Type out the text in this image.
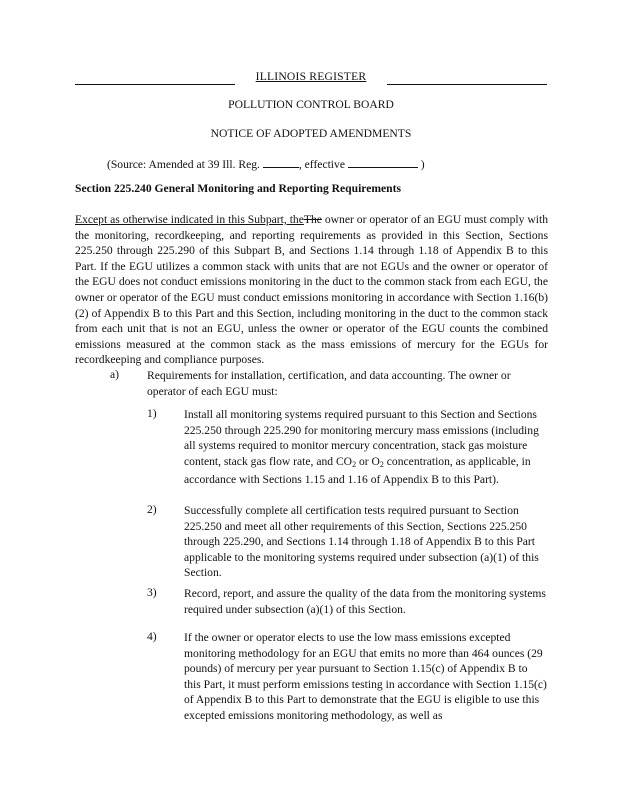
ILLINOIS REGISTER
POLLUTION CONTROL BOARD
NOTICE OF ADOPTED AMENDMENTS
(Source: Amended at 39 Ill. Reg.	, effective	)
Section 225.240 General Monitoring and Reporting Requirements
Except as otherwise indicated in this Subpart, theThe owner or operator of an EGU must comply with the monitoring, recordkeeping, and reporting requirements as provided in this Section, Sections 225.250 through 225.290 of this Subpart B, and Sections 1.14 through 1.18 of Appendix B to this Part. If the EGU utilizes a common stack with units that are not EGUs and the owner or operator of the EGU does not conduct emissions monitoring in the duct to the common stack from each EGU, the owner or operator of the EGU must conduct emissions monitoring in accordance with Section 1.16(b)(2) of Appendix B to this Part and this Section, including monitoring in the duct to the common stack from each unit that is not an EGU, unless the owner or operator of the EGU counts the combined emissions measured at the common stack as the mass emissions of mercury for the EGUs for recordkeeping and compliance purposes.
a) Requirements for installation, certification, and data accounting. The owner or operator of each EGU must:
1) Install all monitoring systems required pursuant to this Section and Sections 225.250 through 225.290 for monitoring mercury mass emissions (including all systems required to monitor mercury concentration, stack gas moisture content, stack gas flow rate, and $CO_2$ or $O_2$ concentration, as applicable, in accordance with Sections 1.15 and 1.16 of Appendix B to this Part).
2) Successfully complete all certification tests required pursuant to Section 225.250 and meet all other requirements of this Section, Sections 225.250 through 225.290, and Sections 1.14 through 1.18 of Appendix B to this Part applicable to the monitoring systems required under subsection (a)(1) of this Section.
3) Record, report, and assure the quality of the data from the monitoring systems required under subsection (a)(1) of this Section.
4) If the owner or operator elects to use the low mass emissions excepted monitoring methodology for an EGU that emits no more than 464 ounces (29 pounds) of mercury per year pursuant to Section 1.15(c) of Appendix B to this Part, it must perform emissions testing in accordance with Section 1.15(c) of Appendix B to this Part to demonstrate that the EGU is eligible to use this excepted emissions monitoring methodology, as well as
